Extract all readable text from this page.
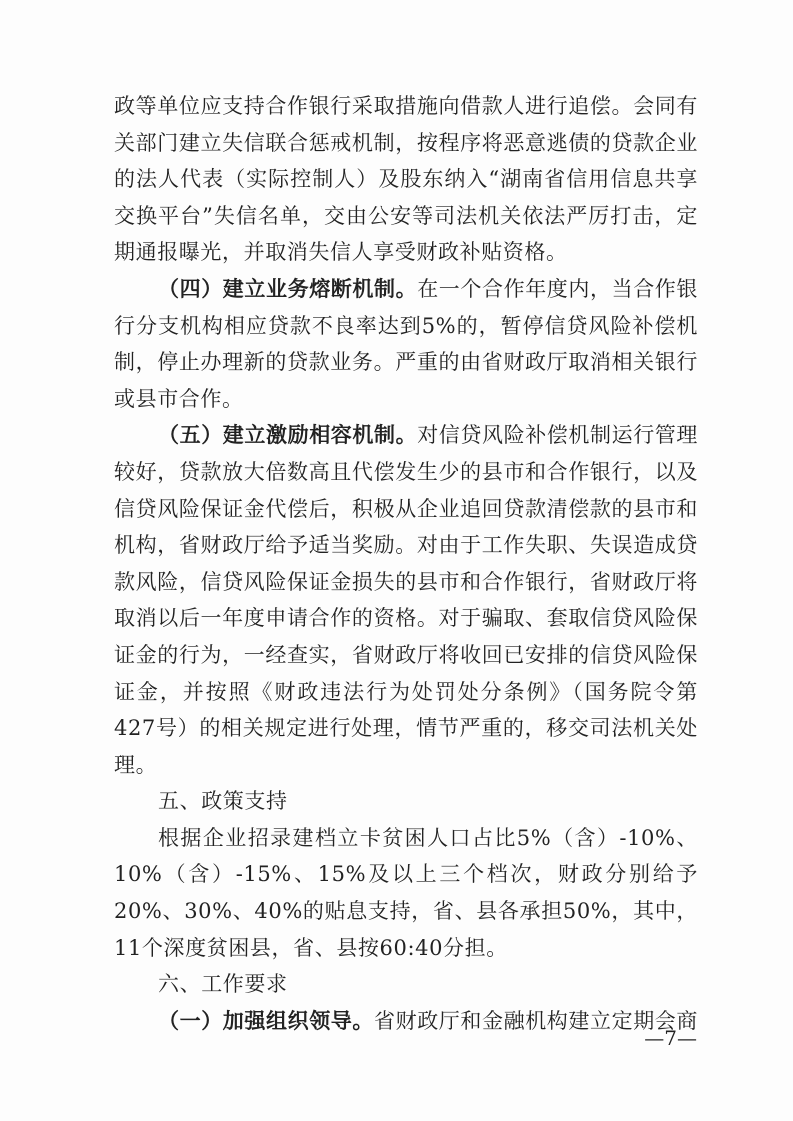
政等单位应支持合作银行采取措施向借款人进行追偿。会同有关部门建立失信联合惩戒机制，按程序将恶意逃债的贷款企业的法人代表（实际控制人）及股东纳入“湖南省信用信息共享交换平台”失信名单，交由公安等司法机关依法严厉打击，定期通报曝光，并取消失信人享受财政补贴资格。

（四）建立业务熔断机制。在一个合作年度内，当合作银行分支机构相应贷款不良率达到5%的，暂停信贷风险补偿机制，停止办理新的贷款业务。严重的由省财政厅取消相关银行或县市合作。

（五）建立激励相容机制。对信贷风险补偿机制运行管理较好，贷款放大倍数高且代偿发生少的县市和合作银行，以及信贷风险保证金代偿后，积极从企业追回贷款清偿款的县市和机构，省财政厅给予适当奖励。对由于工作失职、失误造成贷款风险，信贷风险保证金损失的县市和合作银行，省财政厅将取消以后一年度申请合作的资格。对于骗取、套取信贷风险保证金的行为，一经查实，省财政厅将收回已安排的信贷风险保证金，并按照《财政违法行为处罚处分条例》（国务院令第427号）的相关规定进行处理，情节严重的，移交司法机关处理。

五、政策支持

根据企业招录建档立卡贫困人口占比5%（含）-10%、10%（含）-15%、15%及以上三个档次，财政分别给予20%、30%、40%的贴息支持，省、县各承担50%，其中，11个深度贫困县，省、县按60:40分担。

六、工作要求

（一）加强组织领导。省财政厅和金融机构建立定期会商

—7—
